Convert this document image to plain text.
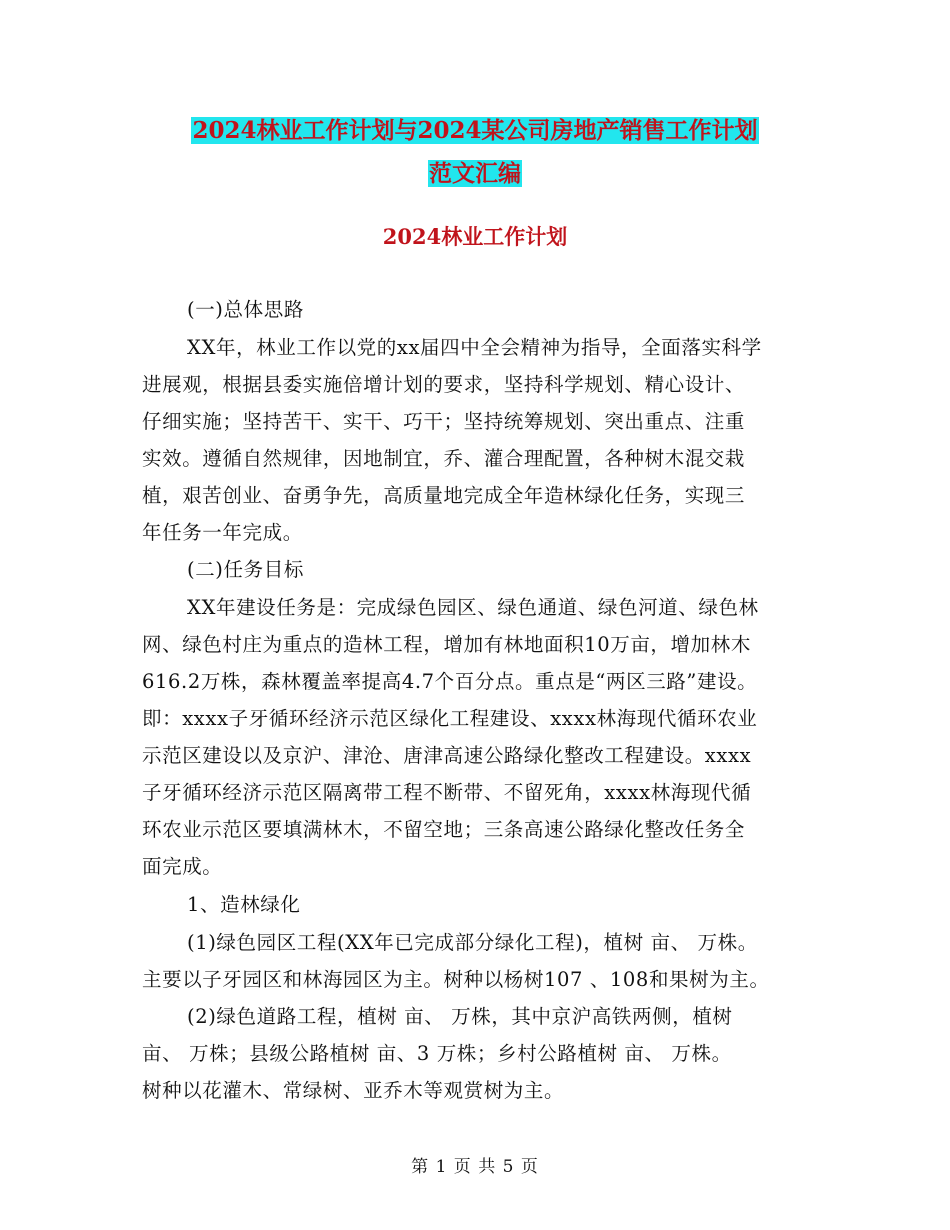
2024林业工作计划与2024某公司房地产销售工作计划
范文汇编
2024林业工作计划
(一)总体思路
XX年，林业工作以党的xx届四中全会精神为指导，全面落实科学
进展观，根据县委实施倍增计划的要求，坚持科学规划、精心设计、
仔细实施；坚持苦干、实干、巧干；坚持统筹规划、突出重点、注重
实效。遵循自然规律，因地制宜，乔、灌合理配置，各种树木混交栽
植，艰苦创业、奋勇争先，高质量地完成全年造林绿化任务，实现三
年任务一年完成。
(二)任务目标
XX年建设任务是：完成绿色园区、绿色通道、绿色河道、绿色林
网、绿色村庄为重点的造林工程，增加有林地面积10万亩，增加林木
616.2万株，森林覆盖率提高4.7个百分点。重点是“两区三路”建设。
即：xxxx子牙循环经济示范区绿化工程建设、xxxx林海现代循环农业
示范区建设以及京沪、津沧、唐津高速公路绿化整改工程建设。xxxx
子牙循环经济示范区隔离带工程不断带、不留死角，xxxx林海现代循
环农业示范区要填满林木，不留空地；三条高速公路绿化整改任务全
面完成。
1、造林绿化
(1)绿色园区工程(XX年已完成部分绿化工程)，植树 亩、 万株。
主要以子牙园区和林海园区为主。树种以杨树107 、108和果树为主。
(2)绿色道路工程，植树 亩、 万株，其中京沪高铁两侧，植树
亩、 万株；县级公路植树 亩、3 万株；乡村公路植树 亩、 万株。
树种以花灌木、常绿树、亚乔木等观赏树为主。
第 1 页 共 5 页
